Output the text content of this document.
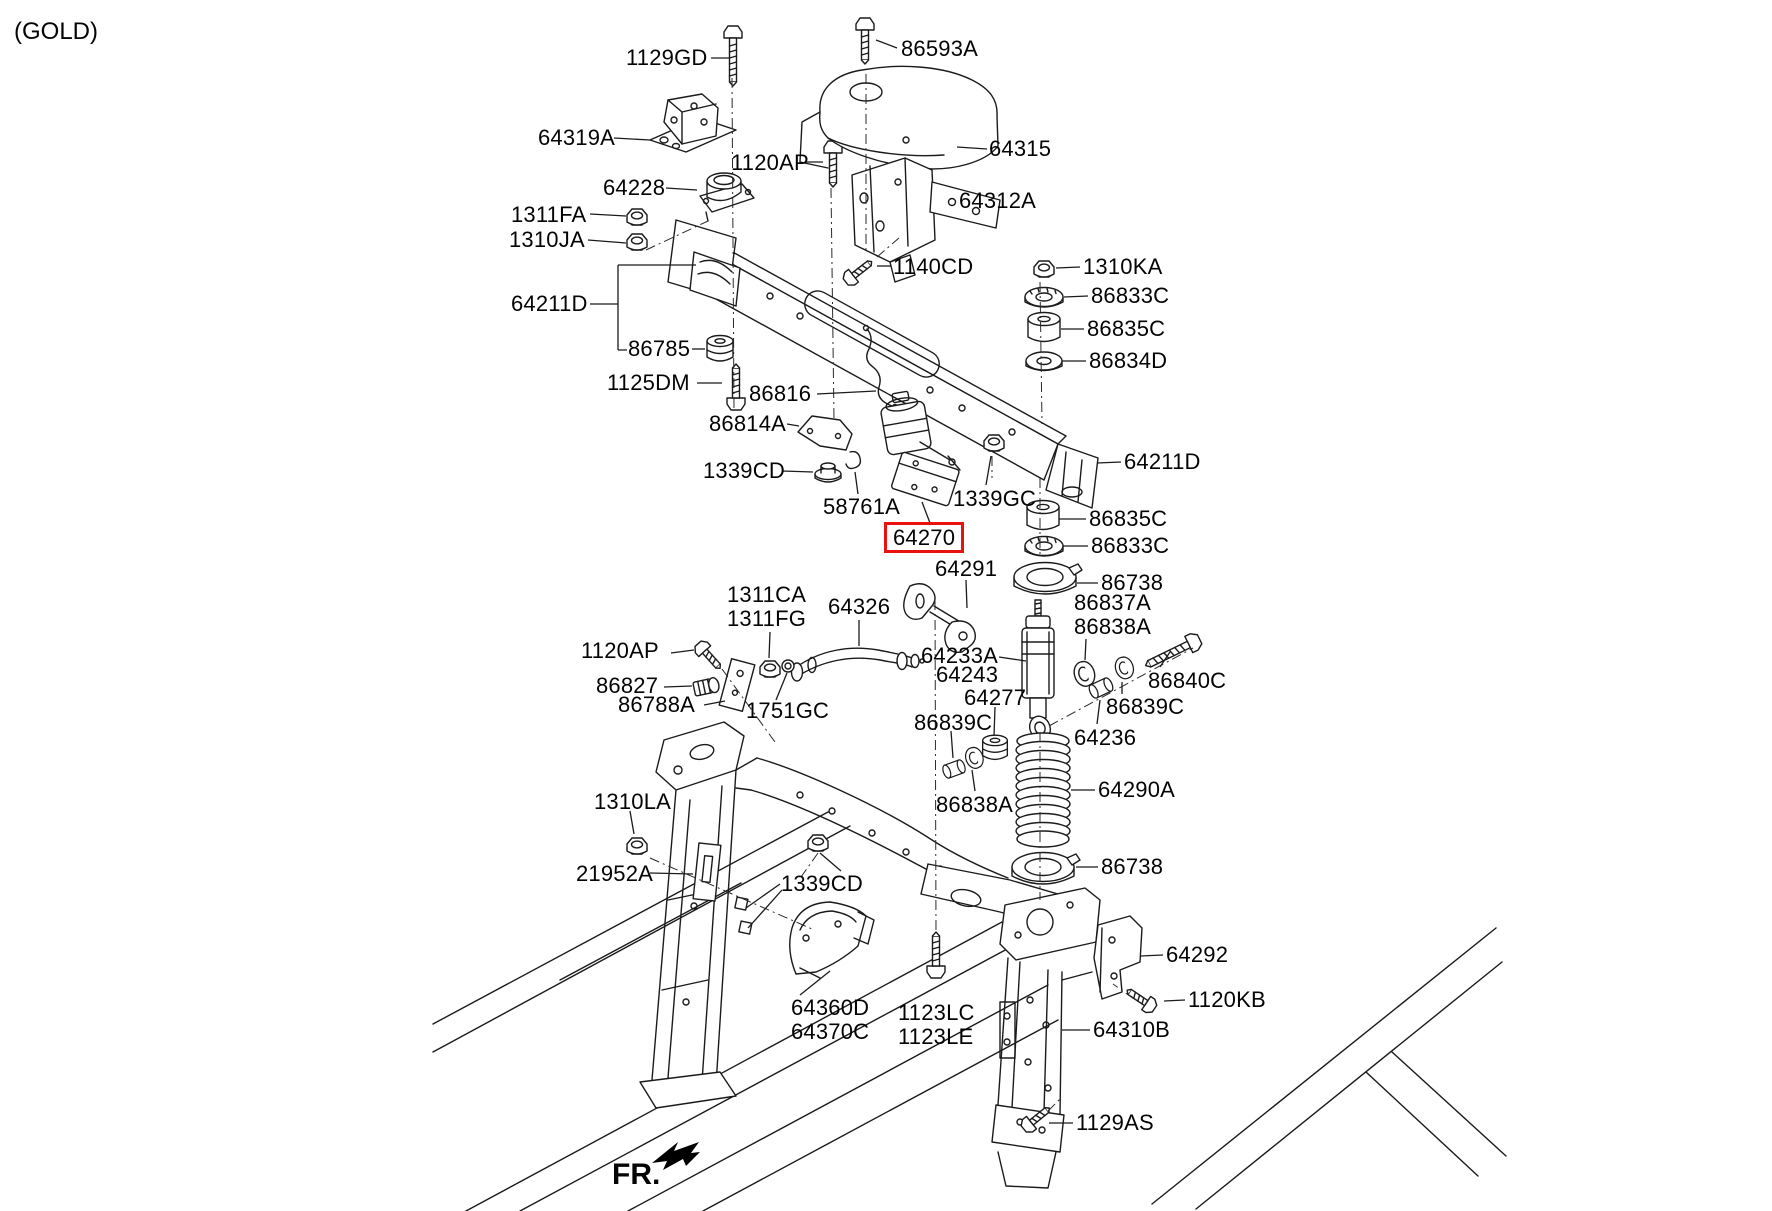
(GOLD)
1129GD	86593A
64319A
1120AP
64315
64228
64312A
1311FA
1310JA
1140CD	1310KA
86833C
86835C
86834D
64211D
86785
1125DM	86816
86814A
1339CD
58761A
64270
1339GC
64211D
86835C
86833C
86738
64291
1311CA
1311FG 64326	86837A
86838A
1120AP
86827
86788A 1751GC
64233A
64243
64277
86839C
86840C
86839C
64236
86838A
64290A
1310LA
21952A	1339CD
86738
64360D
64370C
1123LC
1123LE
64292
1120KB
64310B
1129AS
FR.
